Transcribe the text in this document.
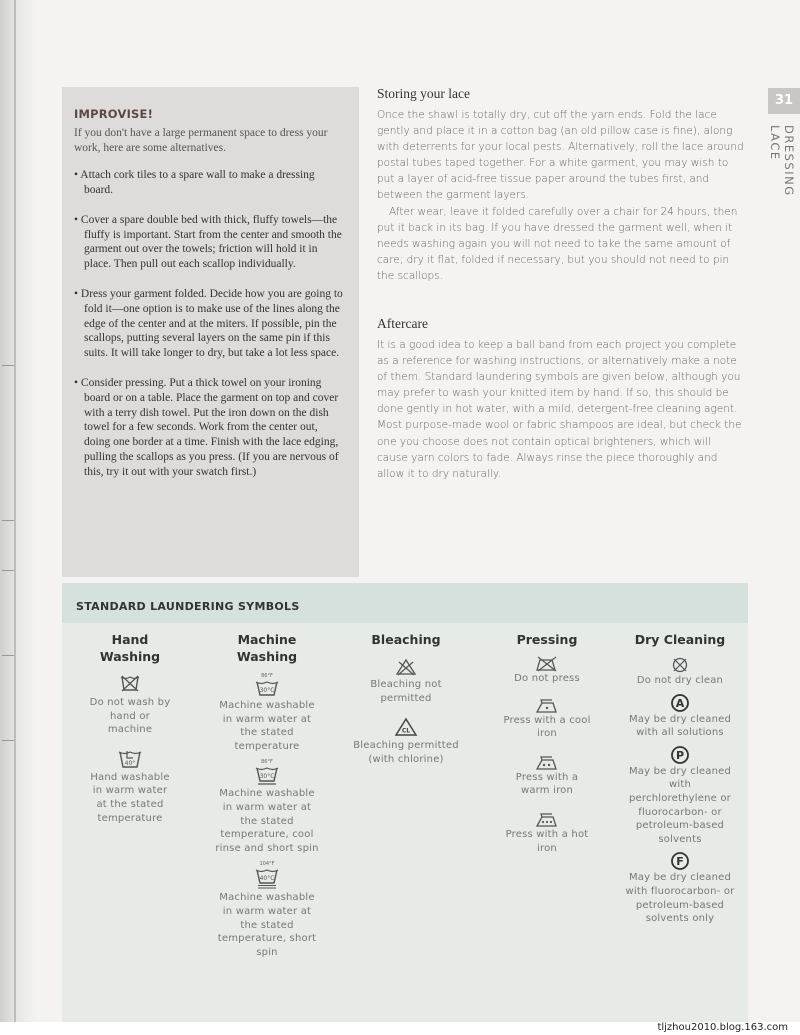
IMPROVISE!

If you don't have a large permanent space to dress your work, here are some alternatives.

• Attach cork tiles to a spare wall to make a dressing board.

• Cover a spare double bed with thick, fluffy towels—the fluffy is important. Start from the center and smooth the garment out over the towels; friction will hold it in place. Then pull out each scallop individually.

• Dress your garment folded. Decide how you are going to fold it—one option is to make use of the lines along the edge of the center and at the miters. If possible, pin the scallops, putting several layers on the same pin if this suits. It will take longer to dry, but take a lot less space.

• Consider pressing. Put a thick towel on your ironing board or on a table. Place the garment on top and cover with a terry dish towel. Put the iron down on the dish towel for a few seconds. Work from the center out, doing one border at a time. Finish with the lace edging, pulling the scallops as you press. (If you are nervous of this, try it out with your swatch first.)

31
DRESSING LACE
Storing your lace

Once the shawl is totally dry, cut off the yarn ends. Fold the lace gently and place it in a cotton bag (an old pillow case is fine), along with deterrents for your local pests. Alternatively, roll the lace around postal tubes taped together. For a white garment, you may wish to put a layer of acid-free tissue paper around the tubes first, and between the garment layers.

After wear, leave it folded carefully over a chair for 24 hours, then put it back in its bag. If you have dressed the garment well, when it needs washing again you will not need to take the same amount of care; dry it flat, folded if necessary, but you should not need to pin the scallops.

Aftercare

It is a good idea to keep a ball band from each project you complete as a reference for washing instructions, or alternatively make a note of them. Standard laundering symbols are given below, although you may prefer to wash your knitted item by hand. If so, this should be done gently in hot water, with a mild, detergent-free cleaning agent. Most purpose-made wool or fabric shampoos are ideal, but check the one you choose does not contain optical brighteners, which will cause yarn colors to fade. Always rinse the piece thoroughly and allow it to dry naturally.

STANDARD LAUNDERING SYMBOLS
Hand
Washing
Do not wash by hand or machine
40°
Hand washable in warm water at the stated temperature
Machine
Washing
86°F
30°C
Machine washable in warm water at the stated temperature
86°F
30°C
Machine washable in warm water at the stated temperature, cool rinse and short spin
104°F
40°C
Machine washable in warm water at the stated temperature, short spin
Bleaching
Bleaching not permitted
CL
Bleaching permitted (with chlorine)
Pressing
Do not press
Press with a cool iron
Press with a warm iron
Press with a hot iron
Dry Cleaning
Do not dry clean
A
May be dry cleaned with all solutions
P
May be dry cleaned with perchlorethylene or fluorocarbon- or petroleum-based solvents
F
May be dry cleaned with fluorocarbon- or petroleum-based solvents only
tljzhou2010.blog.163.com
